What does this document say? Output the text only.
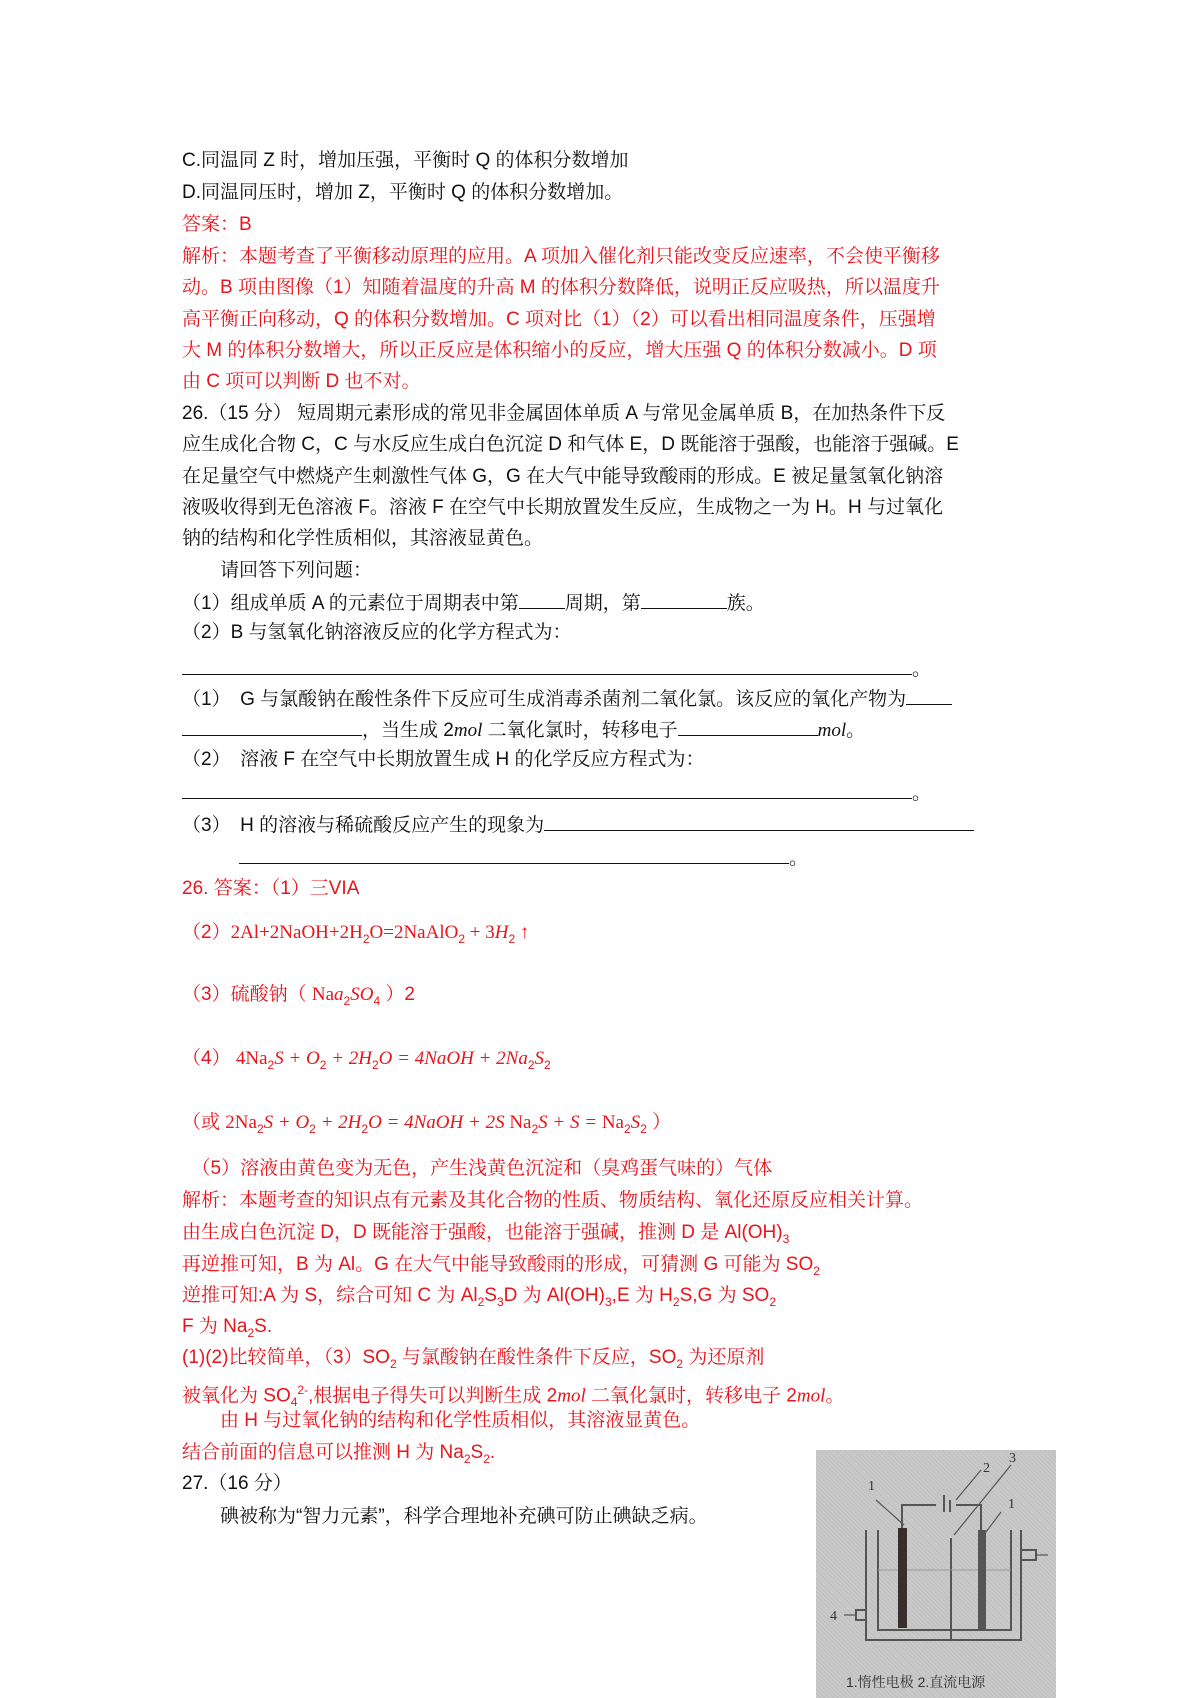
C.同温同 Z 时，增加压强，平衡时 Q 的体积分数增加
D.同温同压时，增加 Z，平衡时 Q 的体积分数增加。
答案：B
解析：本题考查了平衡移动原理的应用。A 项加入催化剂只能改变反应速率，不会使平衡移
动。B 项由图像（1）知随着温度的升高 M 的体积分数降低，说明正反应吸热，所以温度升
高平衡正向移动，Q 的体积分数增加。C 项对比（1）（2）可以看出相同温度条件，压强增
大 M 的体积分数增大，所以正反应是体积缩小的反应，增大压强 Q 的体积分数减小。D 项
由 C 项可以判断 D 也不对。
26.（15 分） 短周期元素形成的常见非金属固体单质 A 与常见金属单质 B，在加热条件下反
应生成化合物 C，C 与水反应生成白色沉淀 D 和气体 E，D 既能溶于强酸，也能溶于强碱。E
在足量空气中燃烧产生刺激性气体 G，G 在大气中能导致酸雨的形成。E 被足量氢氧化钠溶
液吸收得到无色溶液 F。溶液 F 在空气中长期放置发生反应，生成物之一为 H。H 与过氧化
钠的结构和化学性质相似，其溶液显黄色。
　　请回答下列问题：
（1）组成单质 A 的元素位于周期表中第 周期，第	族。
（2）B 与氢氧化钠溶液反应的化学方程式为：
。
（1）　G 与氯酸钠在酸性条件下反应可生成消毒杀菌剂二氧化氯。该反应的氧化产物为
，当生成 2mol 二氧化氯时，转移电子	mol。
（2）　溶液 F 在空气中长期放置生成 H 的化学反应方程式为：
。
（3）　H 的溶液与稀硫酸反应产生的现象为
　　　。
26. 答案：（1）三VIA
$(2)2Al+2NaOH+2H_2O=2NaAlO_2 + 3H_2$ ↑
（3）硫酸钠（ $Naa_2SO_4$ ）2
（4） $4Na_2S + O_2 + 2H_2O$ = 4NaOH + $2Na_2S_2$
（或 $2Na_2S + O_2 + 2H_2O$ = 4NaOH + 2S $Na_2S + S = Na_2S_2$ ）
　（5）溶液由黄色变为无色，产生浅黄色沉淀和（臭鸡蛋气味的）气体
解析：本题考查的知识点有元素及其化合物的性质、物质结构、氧化还原反应相关计算。
由生成白色沉淀 D，D 既能溶于强酸，也能溶于强碱，推测 D 是 $Al(OH)_3$
再逆推可知，B 为 Al。G 在大气中能导致酸雨的形成，可猜测 G 可能为 $SO_2$
逆推可知:A 为 S，综合可知 C 为 $Al_2S_3D$ 为 $Al(OH)_3,E$ 为 $H_2S,G$ 为 $SO_2$
F 为 $Na_2S$.
(1)(2)比较简单，$(3)SO_2$ 与氯酸钠在酸性条件下反应，$SO_2$ 为还原剂
被氧化为 $SO_4^{2-}$,根据电子得失可以判断生成 2mol 二氧化氯时，转移电子 2mol。
　　由 H 与过氧化钠的结构和化学性质相似，其溶液显黄色。
结合前面的信息可以推测 H 为 $Na_2S_2$.
27.（16 分）
　　碘被称为“智力元素”，科学合理地补充碘可防止碘缺乏病。
1
2
3
1
4
1.惰性电极 2.直流电源
